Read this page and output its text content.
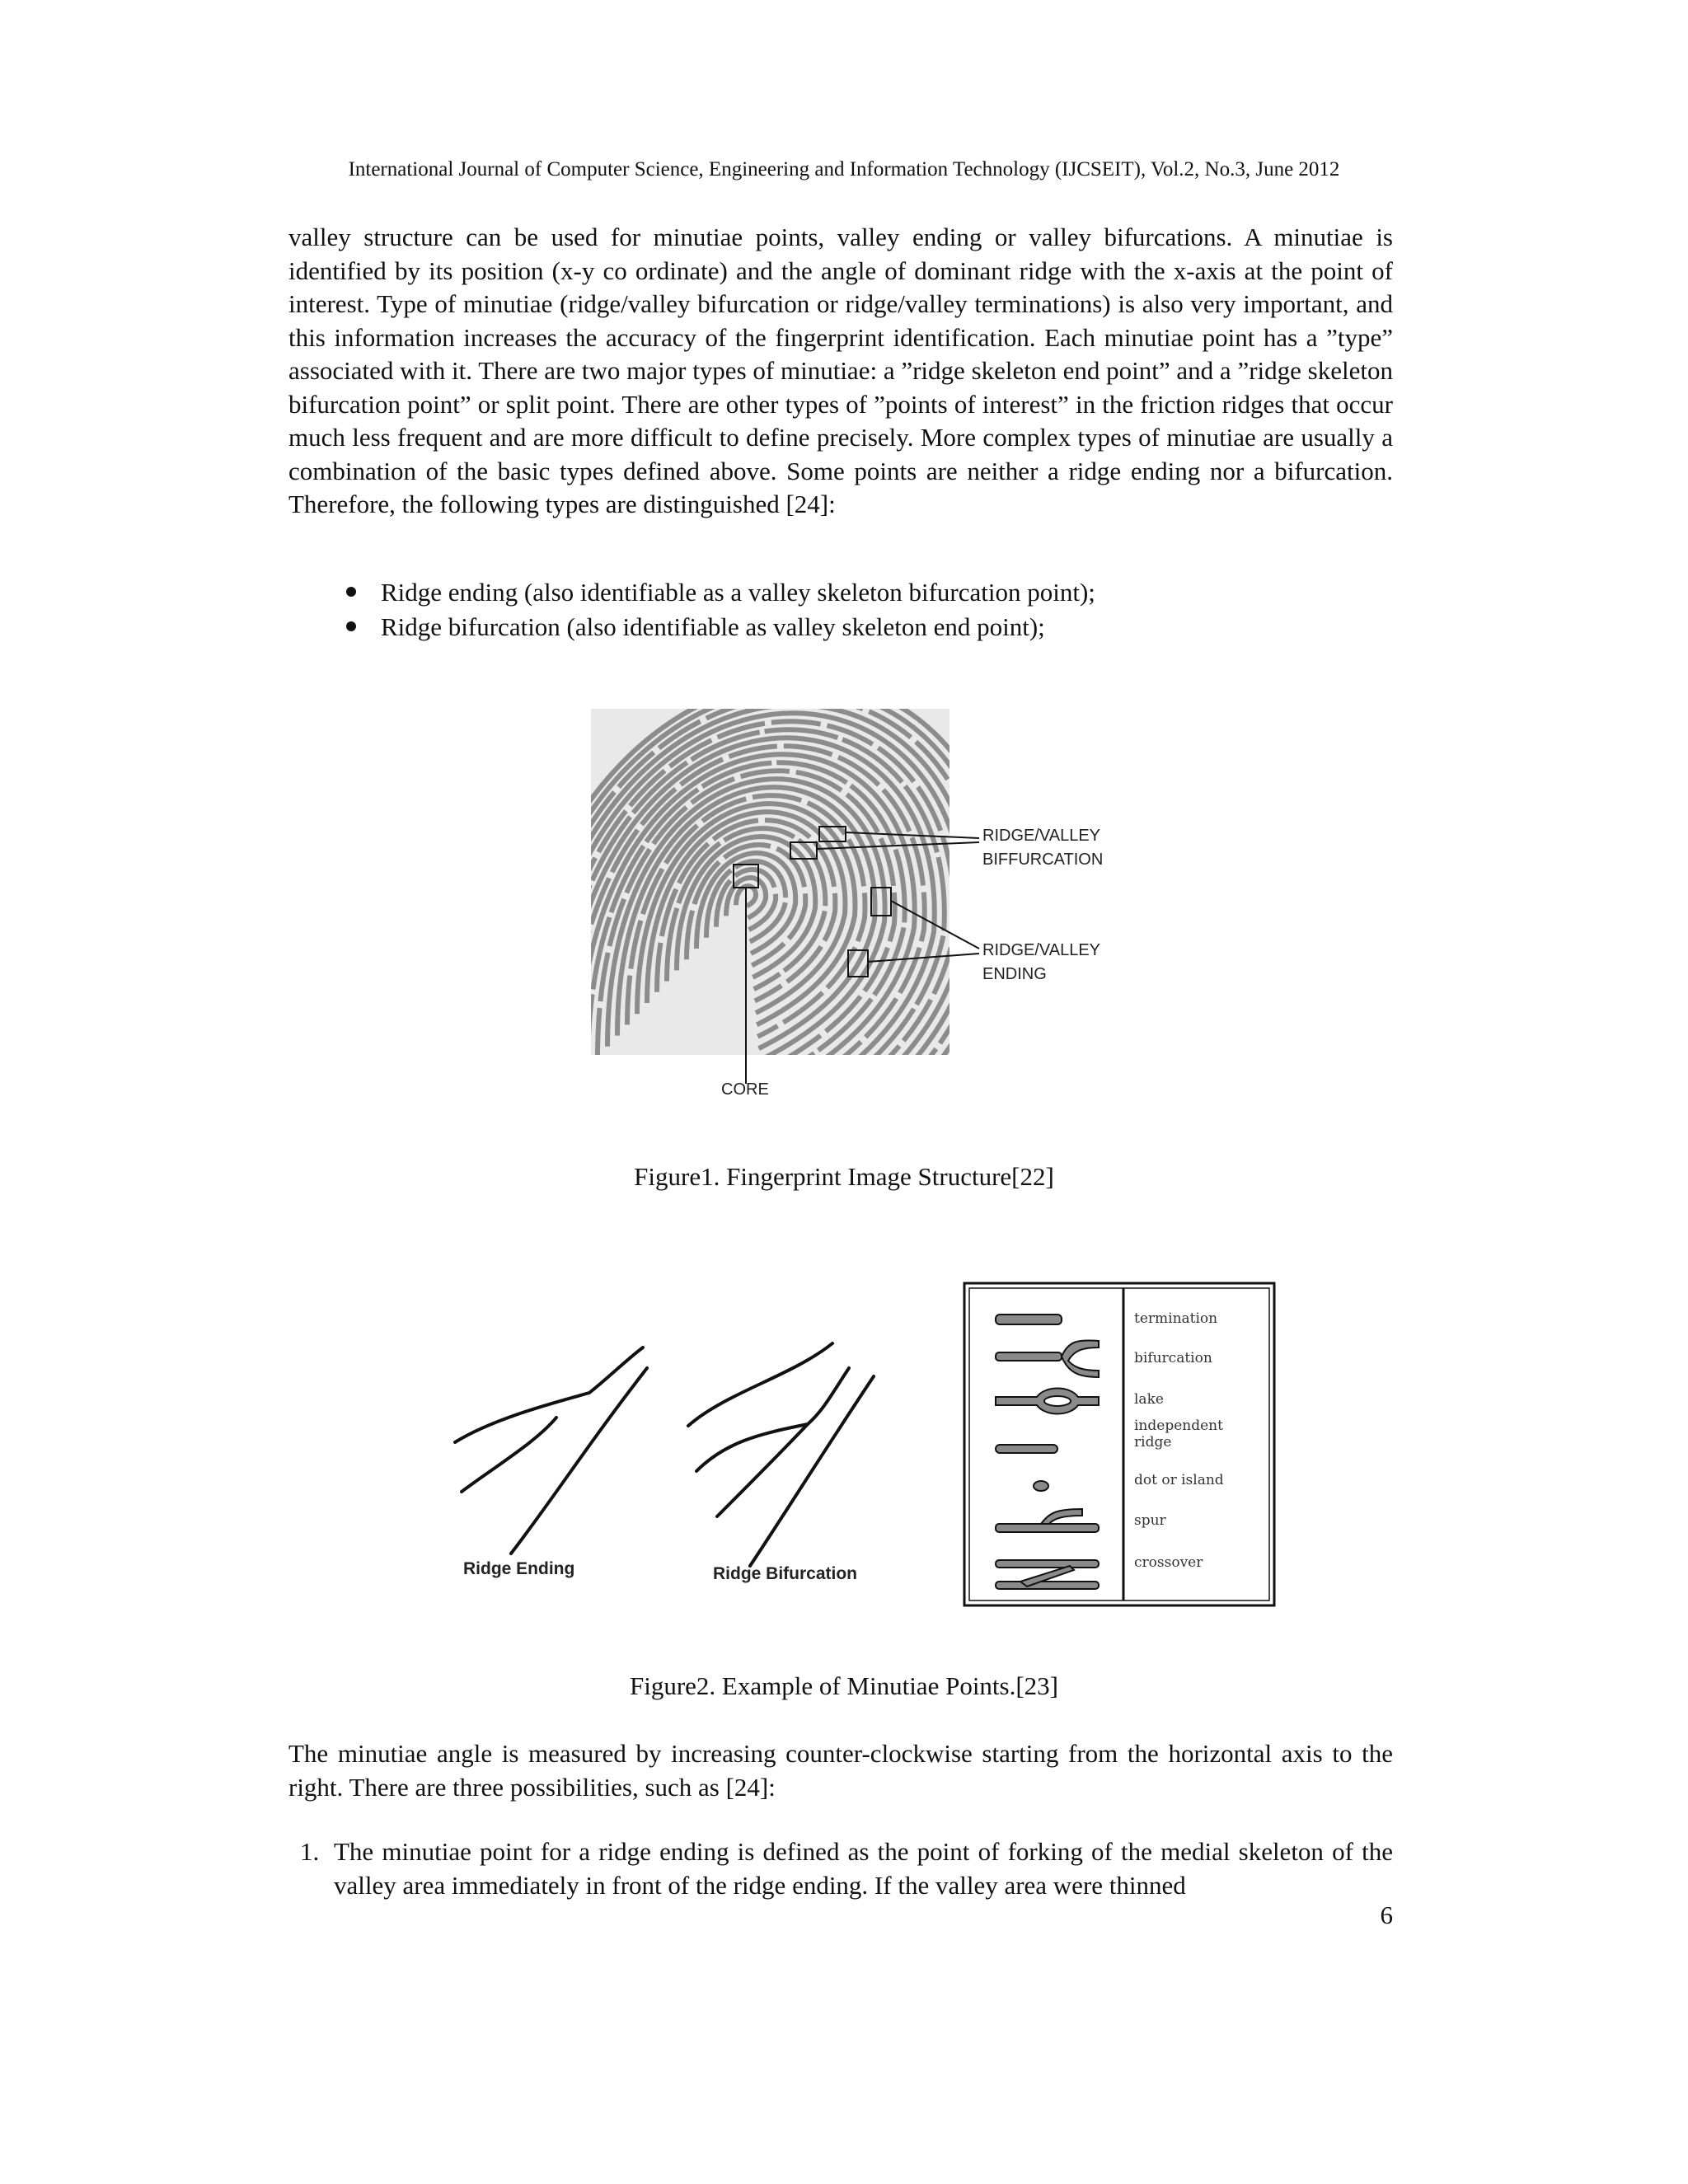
International Journal of Computer Science, Engineering and Information Technology (IJCSEIT), Vol.2, No.3, June 2012

valley structure can be used for minutiae points, valley ending or valley bifurcations. A minutiae is identified by its position (x-y co ordinate) and the angle of dominant ridge with the x-axis at the point of interest. Type of minutiae (ridge/valley bifurcation or ridge/valley terminations) is also very important, and this information increases the accuracy of the fingerprint identification. Each minutiae point has a ”type” associated with it. There are two major types of minutiae: a ”ridge skeleton end point” and a ”ridge skeleton bifurcation point” or split point. There are other types of ”points of interest” in the friction ridges that occur much less frequent and are more difficult to define precisely. More complex types of minutiae are usually a combination of the basic types defined above. Some points are neither a ridge ending nor a bifurcation. Therefore, the following types are distinguished [24]:

Ridge ending (also identifiable as a valley skeleton bifurcation point);
Ridge bifurcation (also identifiable as valley skeleton end point);
RIDGE/VALLEY
BIFFURCATION
RIDGE/VALLEY
ENDING
CORE
Figure1. Fingerprint Image Structure[22]
Ridge Ending	Ridge Bifurcation
termination
bifurcation
lake
independent
ridge
dot or island
spur
crossover
Figure2. Example of Minutiae Points.[23]

The minutiae angle is measured by increasing counter-clockwise starting from the horizontal axis to the right. There are three possibilities, such as [24]:

1. The minutiae point for a ridge ending is defined as the point of forking of the medial skeleton of the valley area immediately in front of the ridge ending. If the valley area were thinned
6
